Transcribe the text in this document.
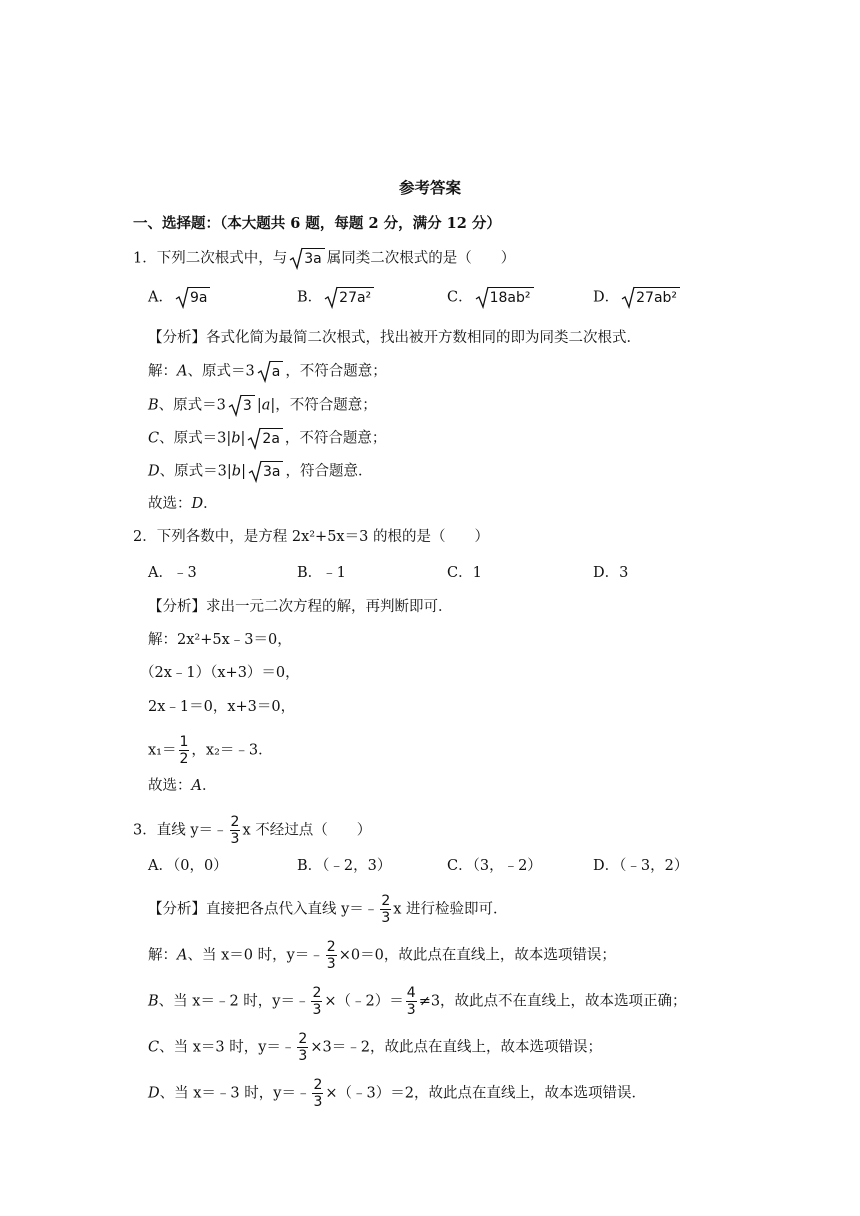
参考答案
一、选择题：（本大题共 6 题，每题 2 分，满分 12 分）
1．下列二次根式中，与 3a 属同类二次根式的是（　　）
A． 9a	B． 27a²	C． 18ab²	D． 27ab²
【分析】各式化简为最简二次根式，找出被开方数相同的即为同类二次根式．
解：A、原式＝3 a ，不符合题意；
B、原式＝3 3 |a|，不符合题意；
C、原式＝3|b| 2a ，不符合题意；
D、原式＝3|b| 3a ，符合题意．
故选：D．
2．下列各数中，是方程 2x²+5x＝3 的根的是（　　）
A．﹣3	B．﹣1	C．1	D．3
【分析】求出一元二次方程的解，再判断即可．
解：2x²+5x﹣3＝0，
（2x﹣1）（x+3）＝0，
2x﹣1＝0，x+3＝0，
$x_1= \frac{1}{2}$ ，x₂＝﹣3．
故选：A．
3．直线 y＝﹣ $\frac{2}{3}$ x 不经过点（　　）
A．（0，0）	B．（﹣2，3）	C．（3，﹣2）	D．（﹣3，2）
【分析】直接把各点代入直线 y＝﹣ $\frac{2}{3}$ x 进行检验即可．
解：A、当 x＝0 时，y＝﹣ $\frac{2}{3} \times 0=0$，故此点在直线上，故本选项错误；
B、当 x＝﹣2 时，y＝﹣ $\frac{2}{3}$ ×（﹣2）＝ $\frac{4}{3} \ne 3$，故此点不在直线上，故本选项正确；
C、当 x＝3 时，y＝﹣ $\frac{2}{3}$ ×3＝﹣2，故此点在直线上，故本选项错误；
D、当 x＝﹣3 时，y＝﹣ $\frac{2}{3}$ ×（﹣3）＝2，故此点在直线上，故本选项错误．
